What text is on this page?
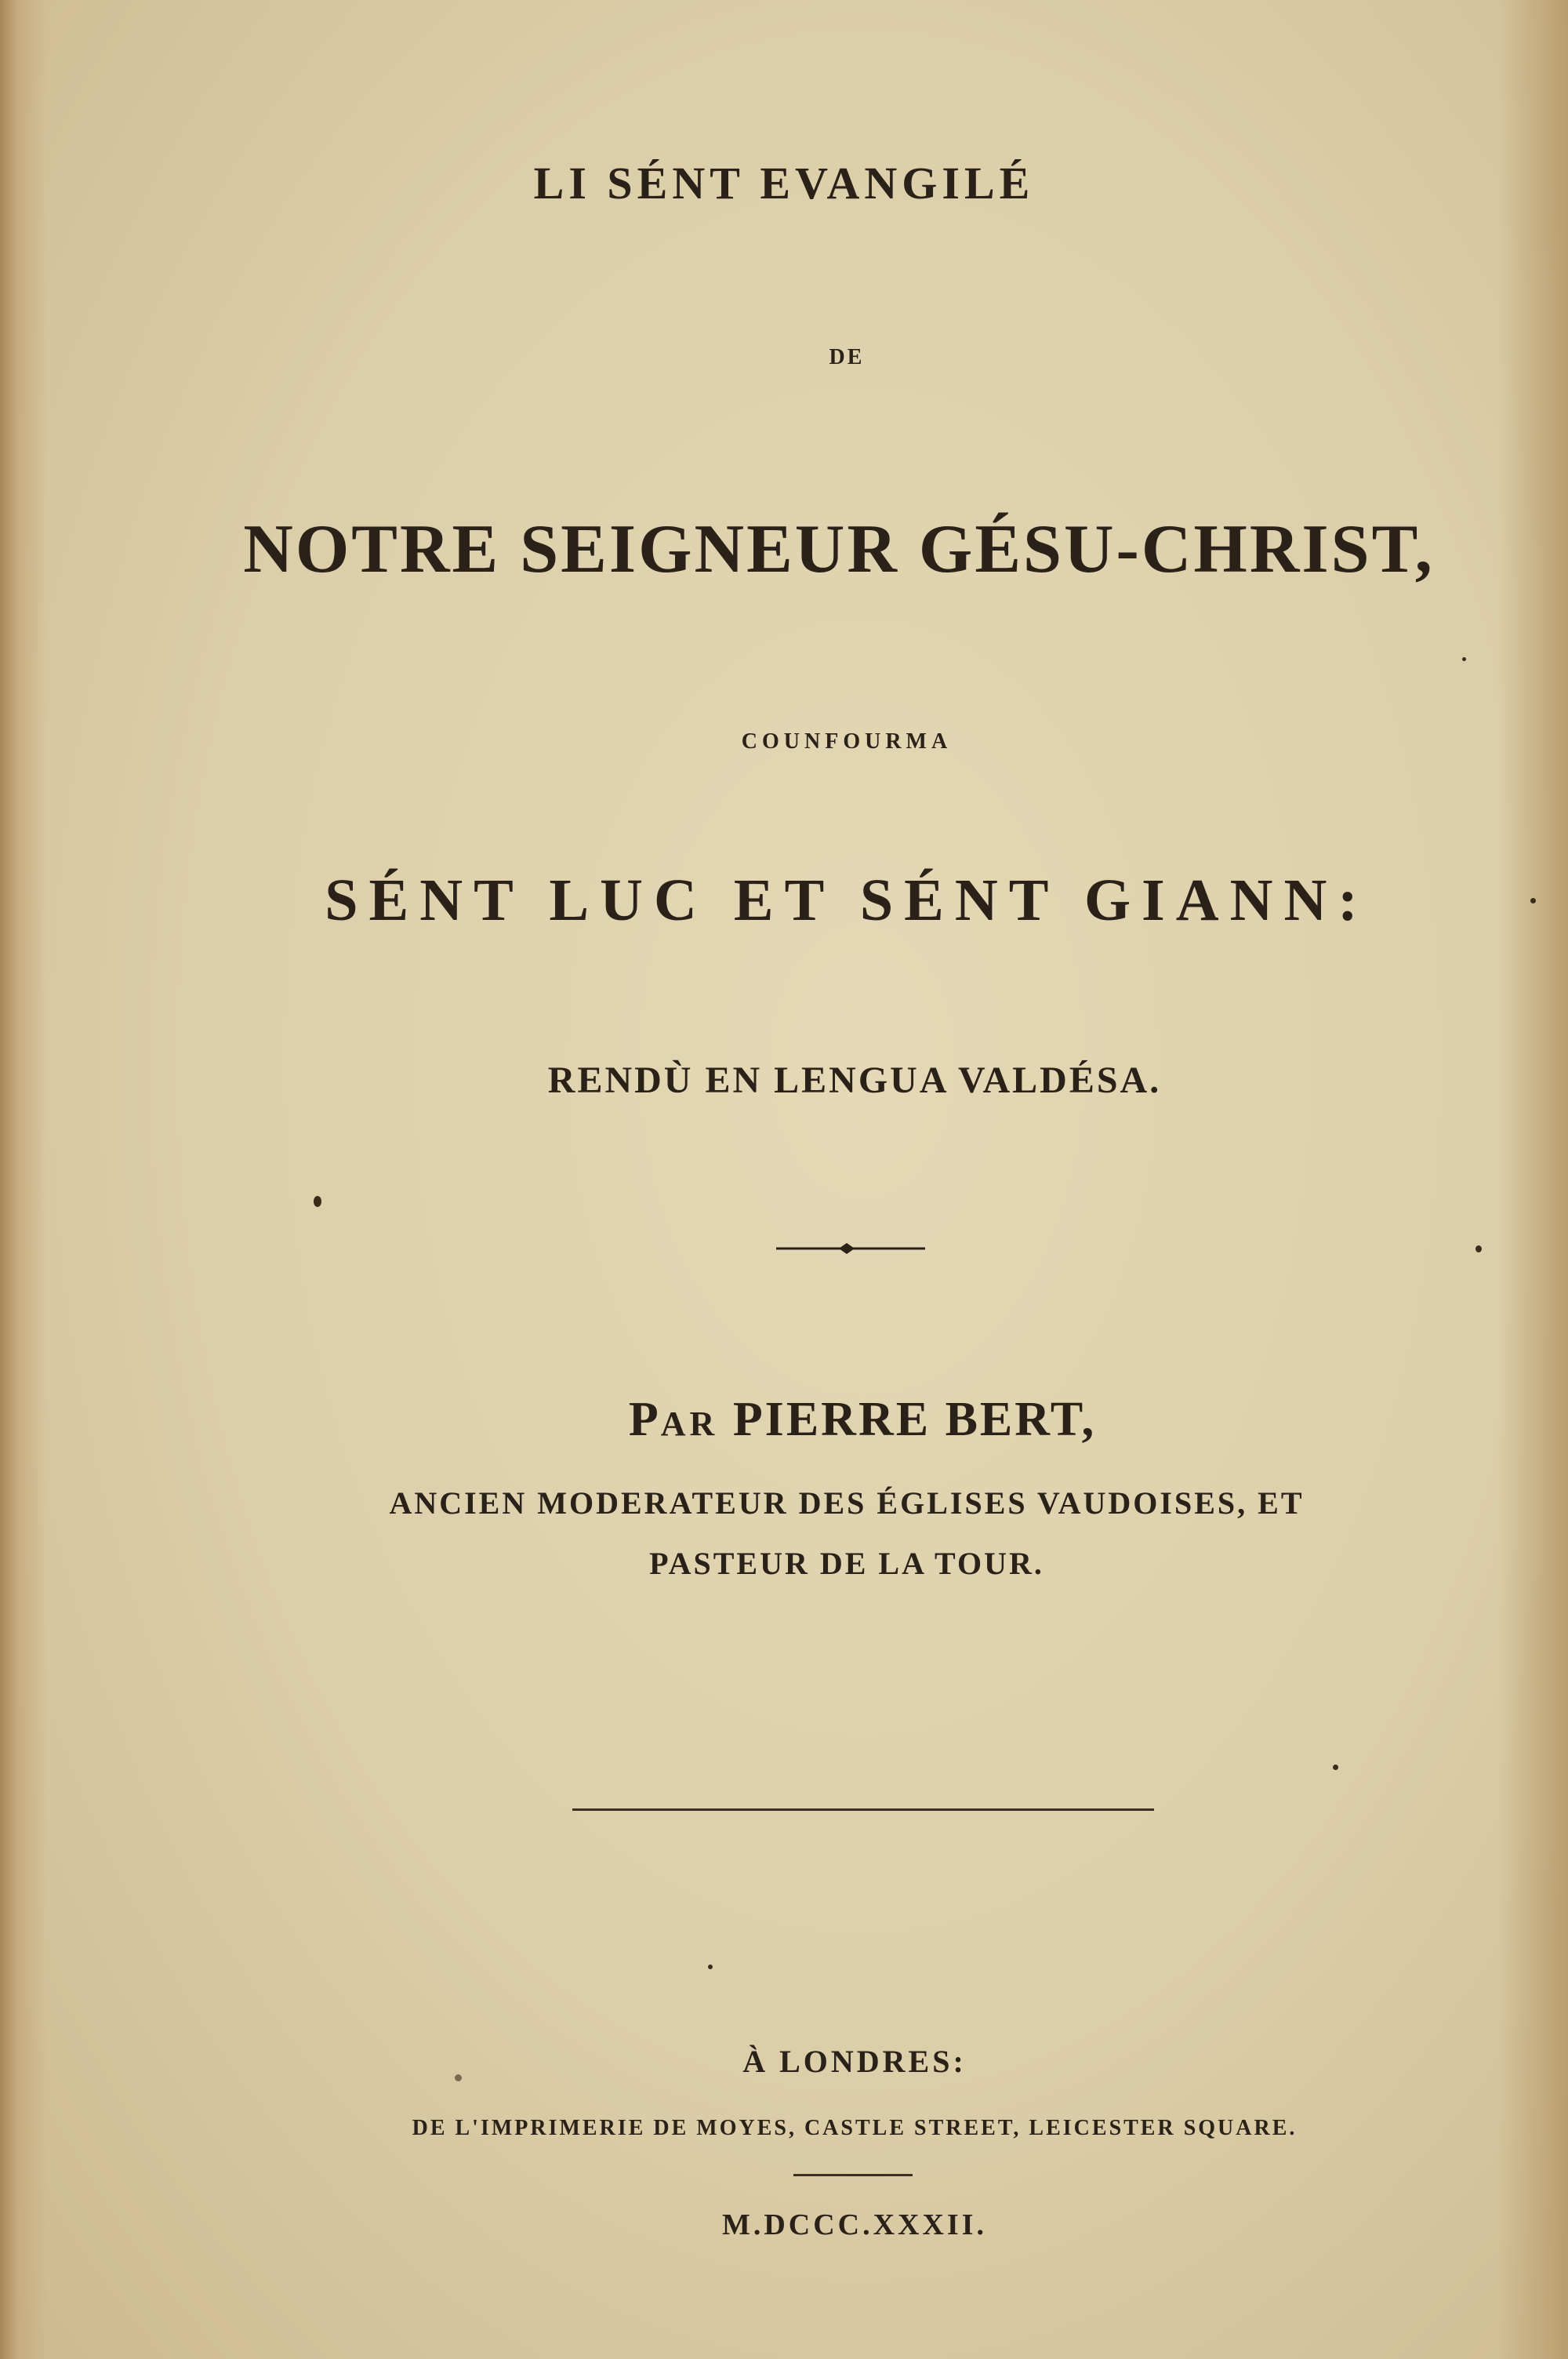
LI SÉNT EVANGILÉ
DE
NOTRE SEIGNEUR GÉSU-CHRIST,
COUNFOURMA
SÉNT LUC ET SÉNT GIANN:
RENDÙ EN LENGUA VALDÉSA.
PAR PIERRE BERT,
ANCIEN MODERATEUR DES ÉGLISES VAUDOISES, ET
PASTEUR DE LA TOUR.
À LONDRES:
DE L'IMPRIMERIE DE MOYES, CASTLE STREET, LEICESTER SQUARE.
M.DCCC.XXXII.
